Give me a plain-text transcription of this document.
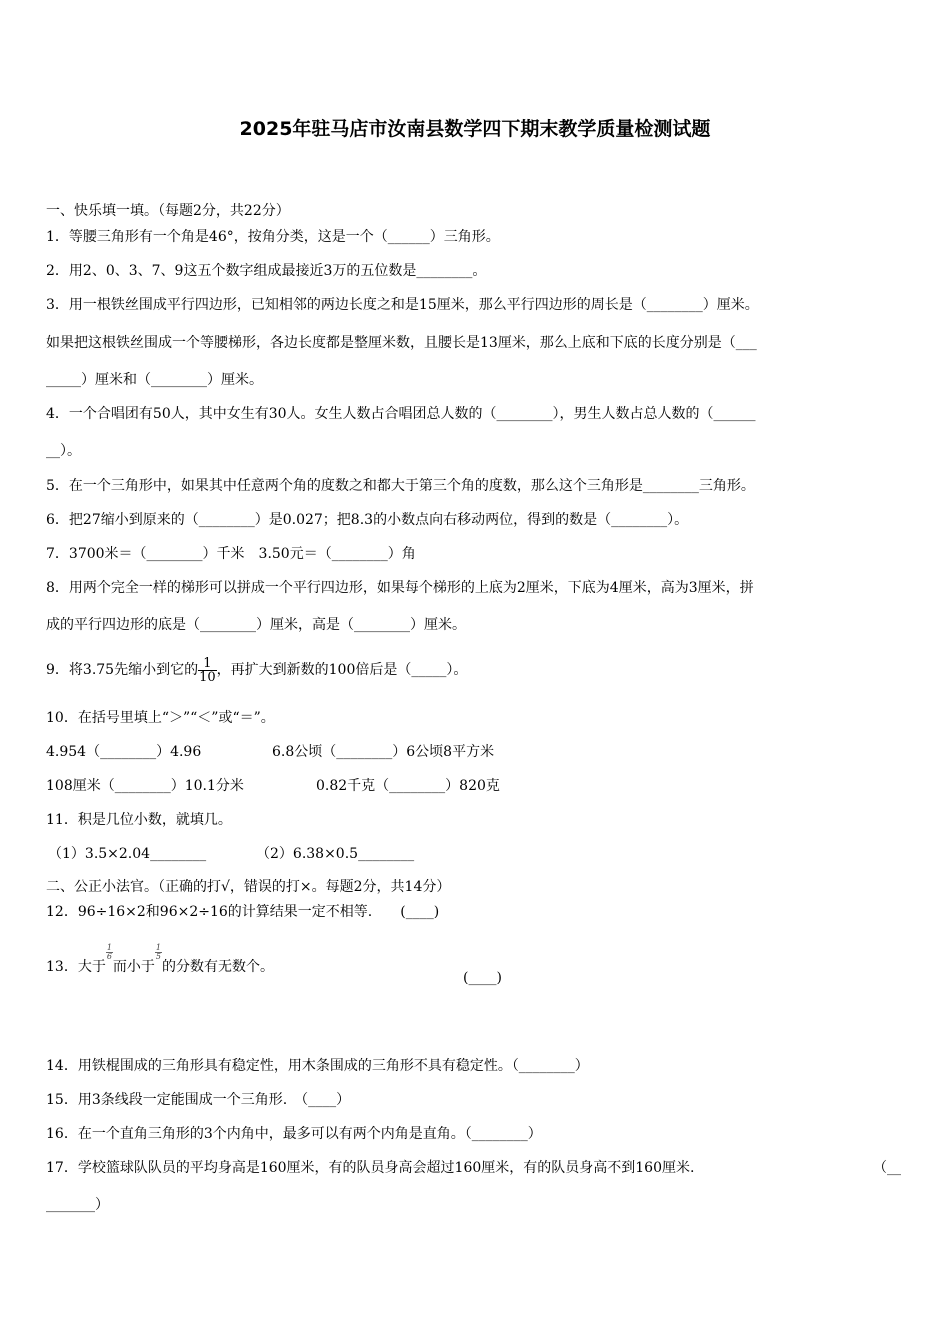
2025年驻马店市汝南县数学四下期末教学质量检测试题
一、快乐填一填。（每题2分，共22分）
1．等腰三角形有一个角是46°，按角分类，这是一个（______）三角形。
2．用2、0、3、7、9这五个数字组成最接近3万的五位数是________。
3．用一根铁丝围成平行四边形，已知相邻的两边长度之和是15厘米，那么平行四边形的周长是（________）厘米。
如果把这根铁丝围成一个等腰梯形，各边长度都是整厘米数，且腰长是13厘米，那么上底和下底的长度分别是（___
_____）厘米和（________）厘米。
4．一个合唱团有50人，其中女生有30人。女生人数占合唱团总人数的（________），男生人数占总人数的（______
__）。
5．在一个三角形中，如果其中任意两个角的度数之和都大于第三个角的度数，那么这个三角形是________三角形。
6．把27缩小到原来的（________）是0.027；把8.3的小数点向右移动两位，得到的数是（________）。
7．3700米＝（________）千米　3.50元＝（________）角
8．用两个完全一样的梯形可以拼成一个平行四边形，如果每个梯形的上底为2厘米，下底为4厘米，高为3厘米，拼
成的平行四边形的底是（________）厘米，高是（________）厘米。
9．将3.75先缩小到它的 $\frac{1}{10}$ ，再扩大到新数的100倍后是（_____）。
10．在括号里填上“＞”“＜”或“＝”。
4.954（________）4.96	6.8公顷（________）6公顷8平方米
108厘米（________）10.1分米	0.82千克（________）820克
11．积是几位小数，就填几。
（1）3.5×2.04________	（2）6.38×0.5________
二、公正小法官。（正确的打√，错误的打×。每题2分，共14分）
12．96÷16×2和96×2÷16的计算结果一定不相等.　　(____)
13．大于
$\frac{1}{6}$
而小于
$\frac{1}{5}$
的分数有无数个。
(____)
14．用铁棍围成的三角形具有稳定性，用木条围成的三角形不具有稳定性。（________）
15．用3条线段一定能围成一个三角形.　（____）
16．在一个直角三角形的3个内角中，最多可以有两个内角是直角。（________）
17．学校篮球队队员的平均身高是160厘米，有的队员身高会超过160厘米，有的队员身高不到160厘米.	（__
_______）
